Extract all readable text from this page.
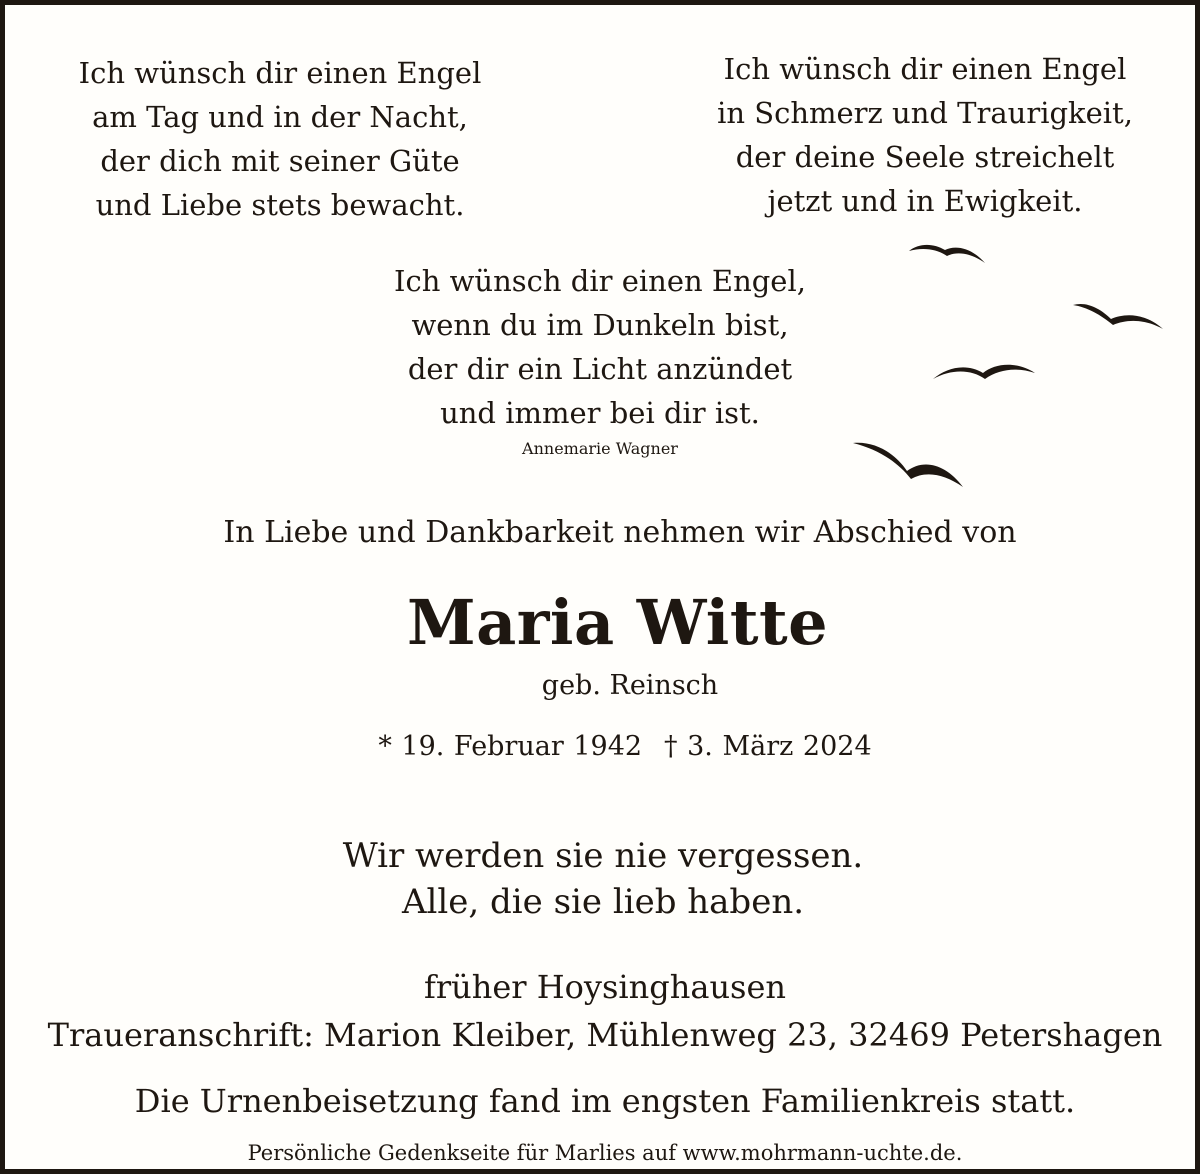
Ich wünsch dir einen Engel
am Tag und in der Nacht,
der dich mit seiner Güte
und Liebe stets bewacht.
Ich wünsch dir einen Engel
in Schmerz und Traurigkeit,
der deine Seele streichelt
jetzt und in Ewigkeit.
Ich wünsch dir einen Engel,
wenn du im Dunkeln bist,
der dir ein Licht anzündet
und immer bei dir ist.
Annemarie Wagner
In Liebe und Dankbarkeit nehmen wir Abschied von
Maria Witte
geb. Reinsch
* 19. Februar 1942 † 3. März 2024
Wir werden sie nie vergessen.
Alle, die sie lieb haben.
früher Hoysinghausen
Traueranschrift: Marion Kleiber, Mühlenweg 23, 32469 Petershagen
Die Urnenbeisetzung fand im engsten Familienkreis statt.
Persönliche Gedenkseite für Marlies auf www.mohrmann-uchte.de.
